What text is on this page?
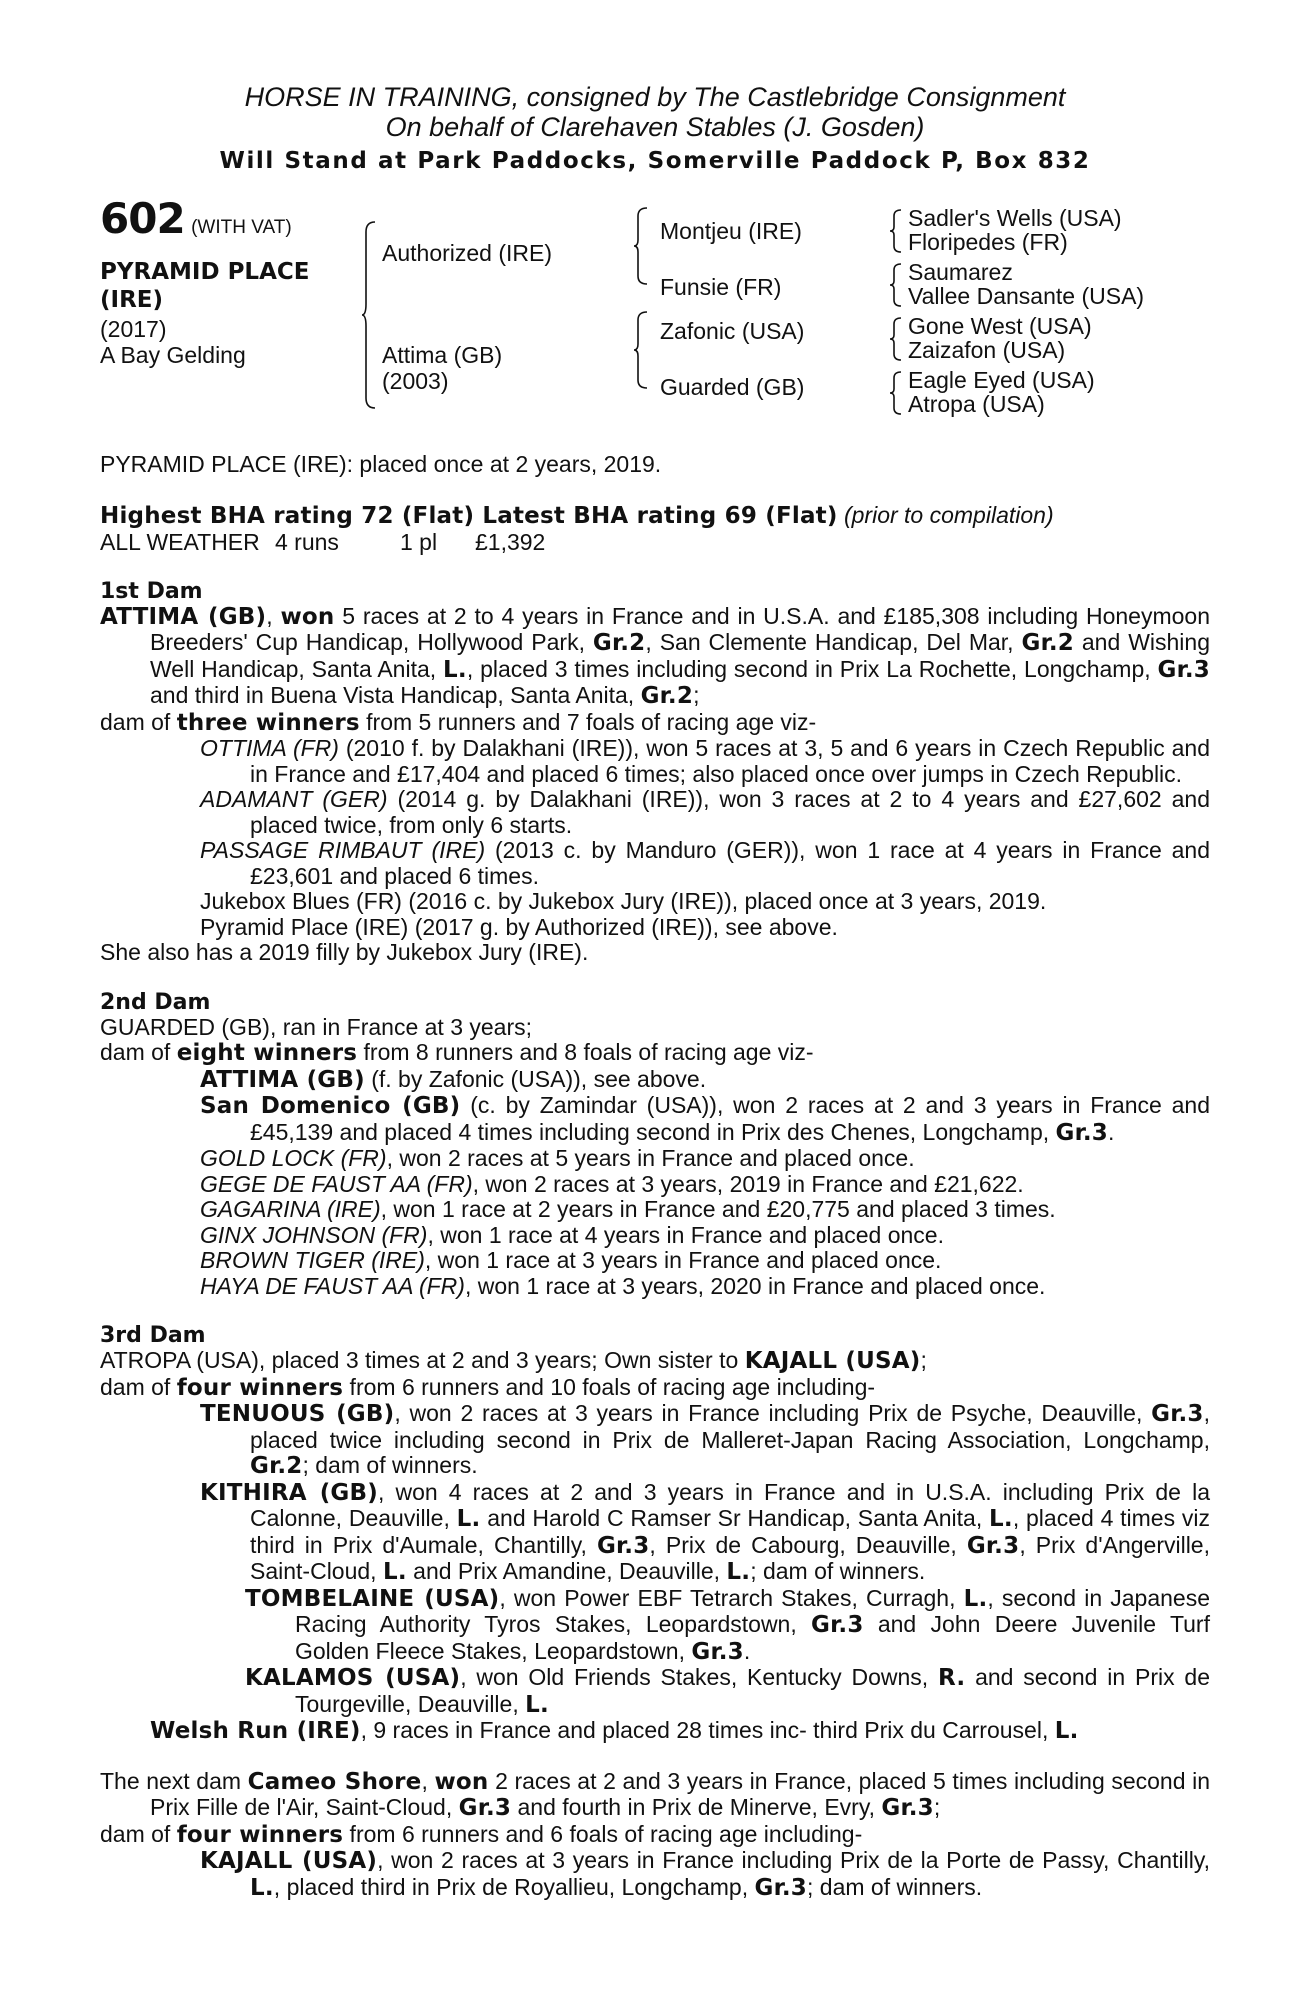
HORSE IN TRAINING, consigned by The Castlebridge Consignment
On behalf of Clarehaven Stables (J. Gosden)
Will Stand at Park Paddocks, Somerville Paddock P, Box 832
602 (WITH VAT)
PYRAMID PLACE
(IRE)
(2017)
A Bay Gelding
Authorized (IRE)
Attima (GB)
(2003)
Montjeu (IRE)
Funsie (FR)
Zafonic (USA)
Guarded (GB)
Sadler's Wells (USA)
Floripedes (FR)
Saumarez
Vallee Dansante (USA)
Gone West (USA)
Zaizafon (USA)
Eagle Eyed (USA)
Atropa (USA)
PYRAMID PLACE (IRE): placed once at 2 years, 2019.
Highest BHA rating 72 (Flat) Latest BHA rating 69 (Flat) (prior to compilation)
ALL WEATHER 4 runs	1 pl £1,392
1st Dam
ATTIMA (GB), won 5 races at 2 to 4 years in France and in U.S.A. and £185,308 including Honeymoon Breeders' Cup Handicap, Hollywood Park, Gr.2, San Clemente Handicap, Del Mar, Gr.2 and Wishing Well Handicap, Santa Anita, L., placed 3 times including second in Prix La Rochette, Longchamp, Gr.3 and third in Buena Vista Handicap, Santa Anita, Gr.2;
dam of three winners from 5 runners and 7 foals of racing age viz-
OTTIMA (FR) (2010 f. by Dalakhani (IRE)), won 5 races at 3, 5 and 6 years in Czech Republic and in France and £17,404 and placed 6 times; also placed once over jumps in Czech Republic.
ADAMANT (GER) (2014 g. by Dalakhani (IRE)), won 3 races at 2 to 4 years and £27,602 and placed twice, from only 6 starts.
PASSAGE RIMBAUT (IRE) (2013 c. by Manduro (GER)), won 1 race at 4 years in France and £23,601 and placed 6 times.
Jukebox Blues (FR) (2016 c. by Jukebox Jury (IRE)), placed once at 3 years, 2019.
Pyramid Place (IRE) (2017 g. by Authorized (IRE)), see above.
She also has a 2019 filly by Jukebox Jury (IRE).
2nd Dam
GUARDED (GB), ran in France at 3 years;
dam of eight winners from 8 runners and 8 foals of racing age viz-
ATTIMA (GB) (f. by Zafonic (USA)), see above.
San Domenico (GB) (c. by Zamindar (USA)), won 2 races at 2 and 3 years in France and £45,139 and placed 4 times including second in Prix des Chenes, Longchamp, Gr.3.
GOLD LOCK (FR), won 2 races at 5 years in France and placed once.
GEGE DE FAUST AA (FR), won 2 races at 3 years, 2019 in France and £21,622.
GAGARINA (IRE), won 1 race at 2 years in France and £20,775 and placed 3 times.
GINX JOHNSON (FR), won 1 race at 4 years in France and placed once.
BROWN TIGER (IRE), won 1 race at 3 years in France and placed once.
HAYA DE FAUST AA (FR), won 1 race at 3 years, 2020 in France and placed once.
3rd Dam
ATROPA (USA), placed 3 times at 2 and 3 years; Own sister to KAJALL (USA);
dam of four winners from 6 runners and 10 foals of racing age including-
TENUOUS (GB), won 2 races at 3 years in France including Prix de Psyche, Deauville, Gr.3, placed twice including second in Prix de Malleret-Japan Racing Association, Longchamp, Gr.2; dam of winners.
KITHIRA (GB), won 4 races at 2 and 3 years in France and in U.S.A. including Prix de la Calonne, Deauville, L. and Harold C Ramser Sr Handicap, Santa Anita, L., placed 4 times viz third in Prix d'Aumale, Chantilly, Gr.3, Prix de Cabourg, Deauville, Gr.3, Prix d'Angerville, Saint-Cloud, L. and Prix Amandine, Deauville, L.; dam of winners.
TOMBELAINE (USA), won Power EBF Tetrarch Stakes, Curragh, L., second in Japanese Racing Authority Tyros Stakes, Leopardstown, Gr.3 and John Deere Juvenile Turf Golden Fleece Stakes, Leopardstown, Gr.3.
KALAMOS (USA), won Old Friends Stakes, Kentucky Downs, R. and second in Prix de Tourgeville, Deauville, L.
Welsh Run (IRE), 9 races in France and placed 28 times inc- third Prix du Carrousel, L.
The next dam Cameo Shore, won 2 races at 2 and 3 years in France, placed 5 times including second in Prix Fille de l'Air, Saint-Cloud, Gr.3 and fourth in Prix de Minerve, Evry, Gr.3;
dam of four winners from 6 runners and 6 foals of racing age including-
KAJALL (USA), won 2 races at 3 years in France including Prix de la Porte de Passy, Chantilly, L., placed third in Prix de Royallieu, Longchamp, Gr.3; dam of winners.
